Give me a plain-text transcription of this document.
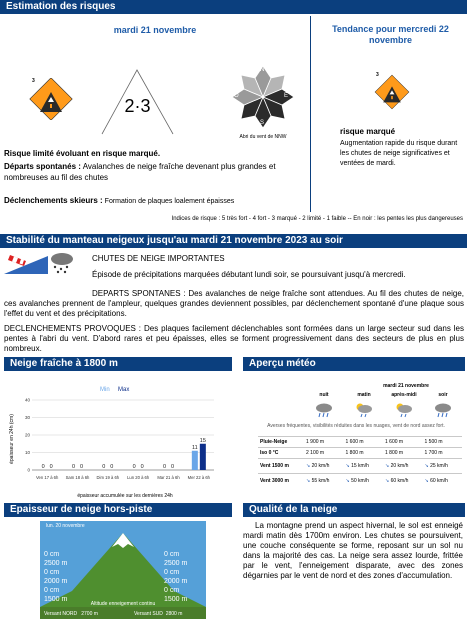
Estimation des risques
mardi 21 novembre	Tendance pour mercredi 22 novembre
3
2·3
N
E
S
O
Abri du vent de NNW
Risque limité évoluant en risque marqué.
Départs spontanés : Avalanches de neige fraîche devenant plus grandes et nombreuses au fil des chutes
Déclenchements skieurs : Formation de plaques loalement épaisses
3
risque marqué
Augmentation rapide du risque durant les chutes de neige significatives et ventées de mardi.
Indices de risque : 5 très fort - 4 fort - 3 marqué - 2 limité - 1 faible -- En noir : les pentes les plus dangereuses
Stabilité du manteau neigeux jusqu'au mardi 21 novembre 2023 au soir
CHUTES DE NEIGE IMPORTANTES
Épisode de précipitations marquées débutant lundi soir, se poursuivant jusqu'à mercredi.
DEPARTS SPONTANES : Des avalanches de neige fraîche sont attendues. Au fil des chutes de neige, ces avalanches prennent de l'ampleur, quelques grandes deviennent possibles, par déclenchement spontané d'une plaque sous l'effet du vent et des précipitations.
DECLENCHEMENTS PROVOQUES : Des plaques facilement déclenchables sont formées dans un large secteur sud dans les pentes à l'abri du vent. D'abord rares et peu épaisses, elles se forment progressivement dans des secteurs de plus en plus nombreux.
Neige fraîche à 1800 m
Min Max
épaisseur en 24h (cm)
0
10
20
30
40
0 0
Ven 17 à 6h
0 0
Sam 18 à 6h
0 0
Dim 19 à 6h
0 0
Lun 20 à 6h
0 0
Mar 21 à 6h
11
15
Mer 22 à 6h
épaisseur accumulée sur les dernières 24h
Aperçu météo
mardi 21 novembre
nuit	matin	après-midi	soir
Averses fréquentes, visibilités réduites dans les nuages, vent de nord assez fort.
Pluie-Neige	1 900 m	1 600 m	1 600 m	1 500 m
Iso 0 °C	2 100 m	1 800 m	1 800 m	1 700 m
Vent 1500 m	↘ 20 km/h	↘ 15 km/h	↘ 20 km/h	↘ 25 km/h
Vent 3000 m	↘ 55 km/h	↘ 50 km/h	↘ 60 km/h	↘ 60 km/h
Epaisseur de neige hors-piste
lun. 20 novembre
0 cm
2500 m
0 cm
2000 m
0 cm
1500 m
0 cm
2500 m
0 cm
2000 m
0 cm
1500 m
Altitude enneigement continu
Versant NORD 2700 m	Versant SUD 2800 m
Qualité de la neige
La montagne prend un aspect hivernal, le sol est enneigé mardi matin dès 1700m environ. Les chutes se poursuivent, une couche conséquente se forme, reposant sur un sol nu dans la majorité des cas. La neige sera assez lourde, frittée par le vent, l'enneigement disparate, avec des zones dégarnies par le vent de nord et des zones d'accumulation.
